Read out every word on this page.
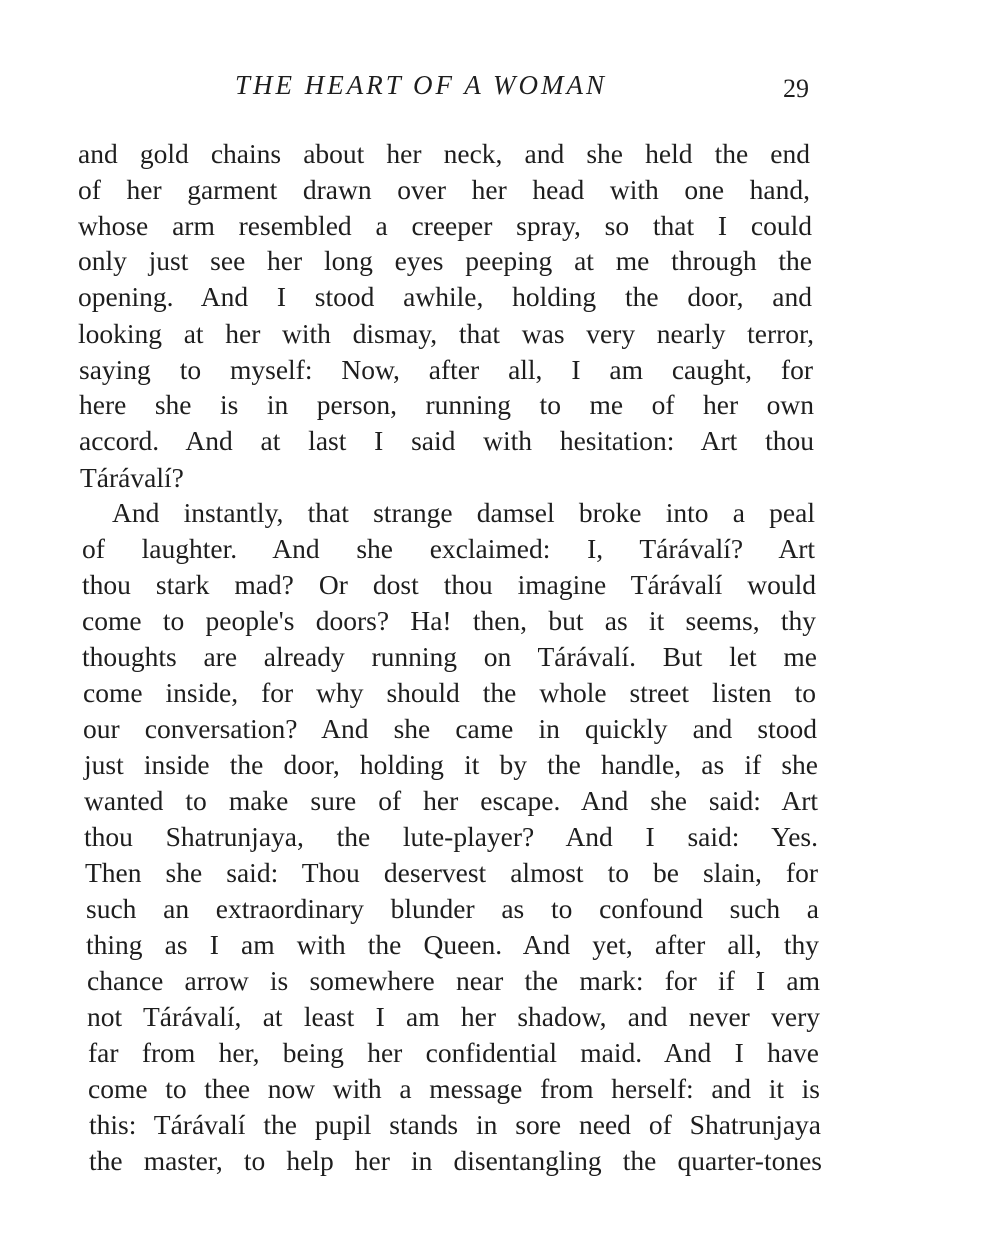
THE HEART OF A WOMAN	29
and gold chains about her neck, and she held the end
of her garment drawn over her head with one hand,
whose arm resembled a creeper spray, so that I could
only just see her long eyes peeping at me through the
opening. And I stood awhile, holding the door, and
looking at her with dismay, that was very nearly terror,
saying to myself: Now, after all, I am caught, for
here she is in person, running to me of her own
accord. And at last I said with hesitation: Art thou
Tárávalí?
And instantly, that strange damsel broke into a peal
of laughter. And she exclaimed: I, Tárávalí? Art
thou stark mad? Or dost thou imagine Tárávalí would
come to people's doors? Ha! then, but as it seems, thy
thoughts are already running on Tárávalí. But let me
come inside, for why should the whole street listen to
our conversation? And she came in quickly and stood
just inside the door, holding it by the handle, as if she
wanted to make sure of her escape. And she said: Art
thou Shatrunjaya, the lute-player? And I said: Yes.
Then she said: Thou deservest almost to be slain, for
such an extraordinary blunder as to confound such a
thing as I am with the Queen. And yet, after all, thy
chance arrow is somewhere near the mark: for if I am
not Tárávalí, at least I am her shadow, and never very
far from her, being her confidential maid. And I have
come to thee now with a message from herself: and it is
this: Tárávalí the pupil stands in sore need of Shatrunjaya
the master, to help her in disentangling the quarter-tones
